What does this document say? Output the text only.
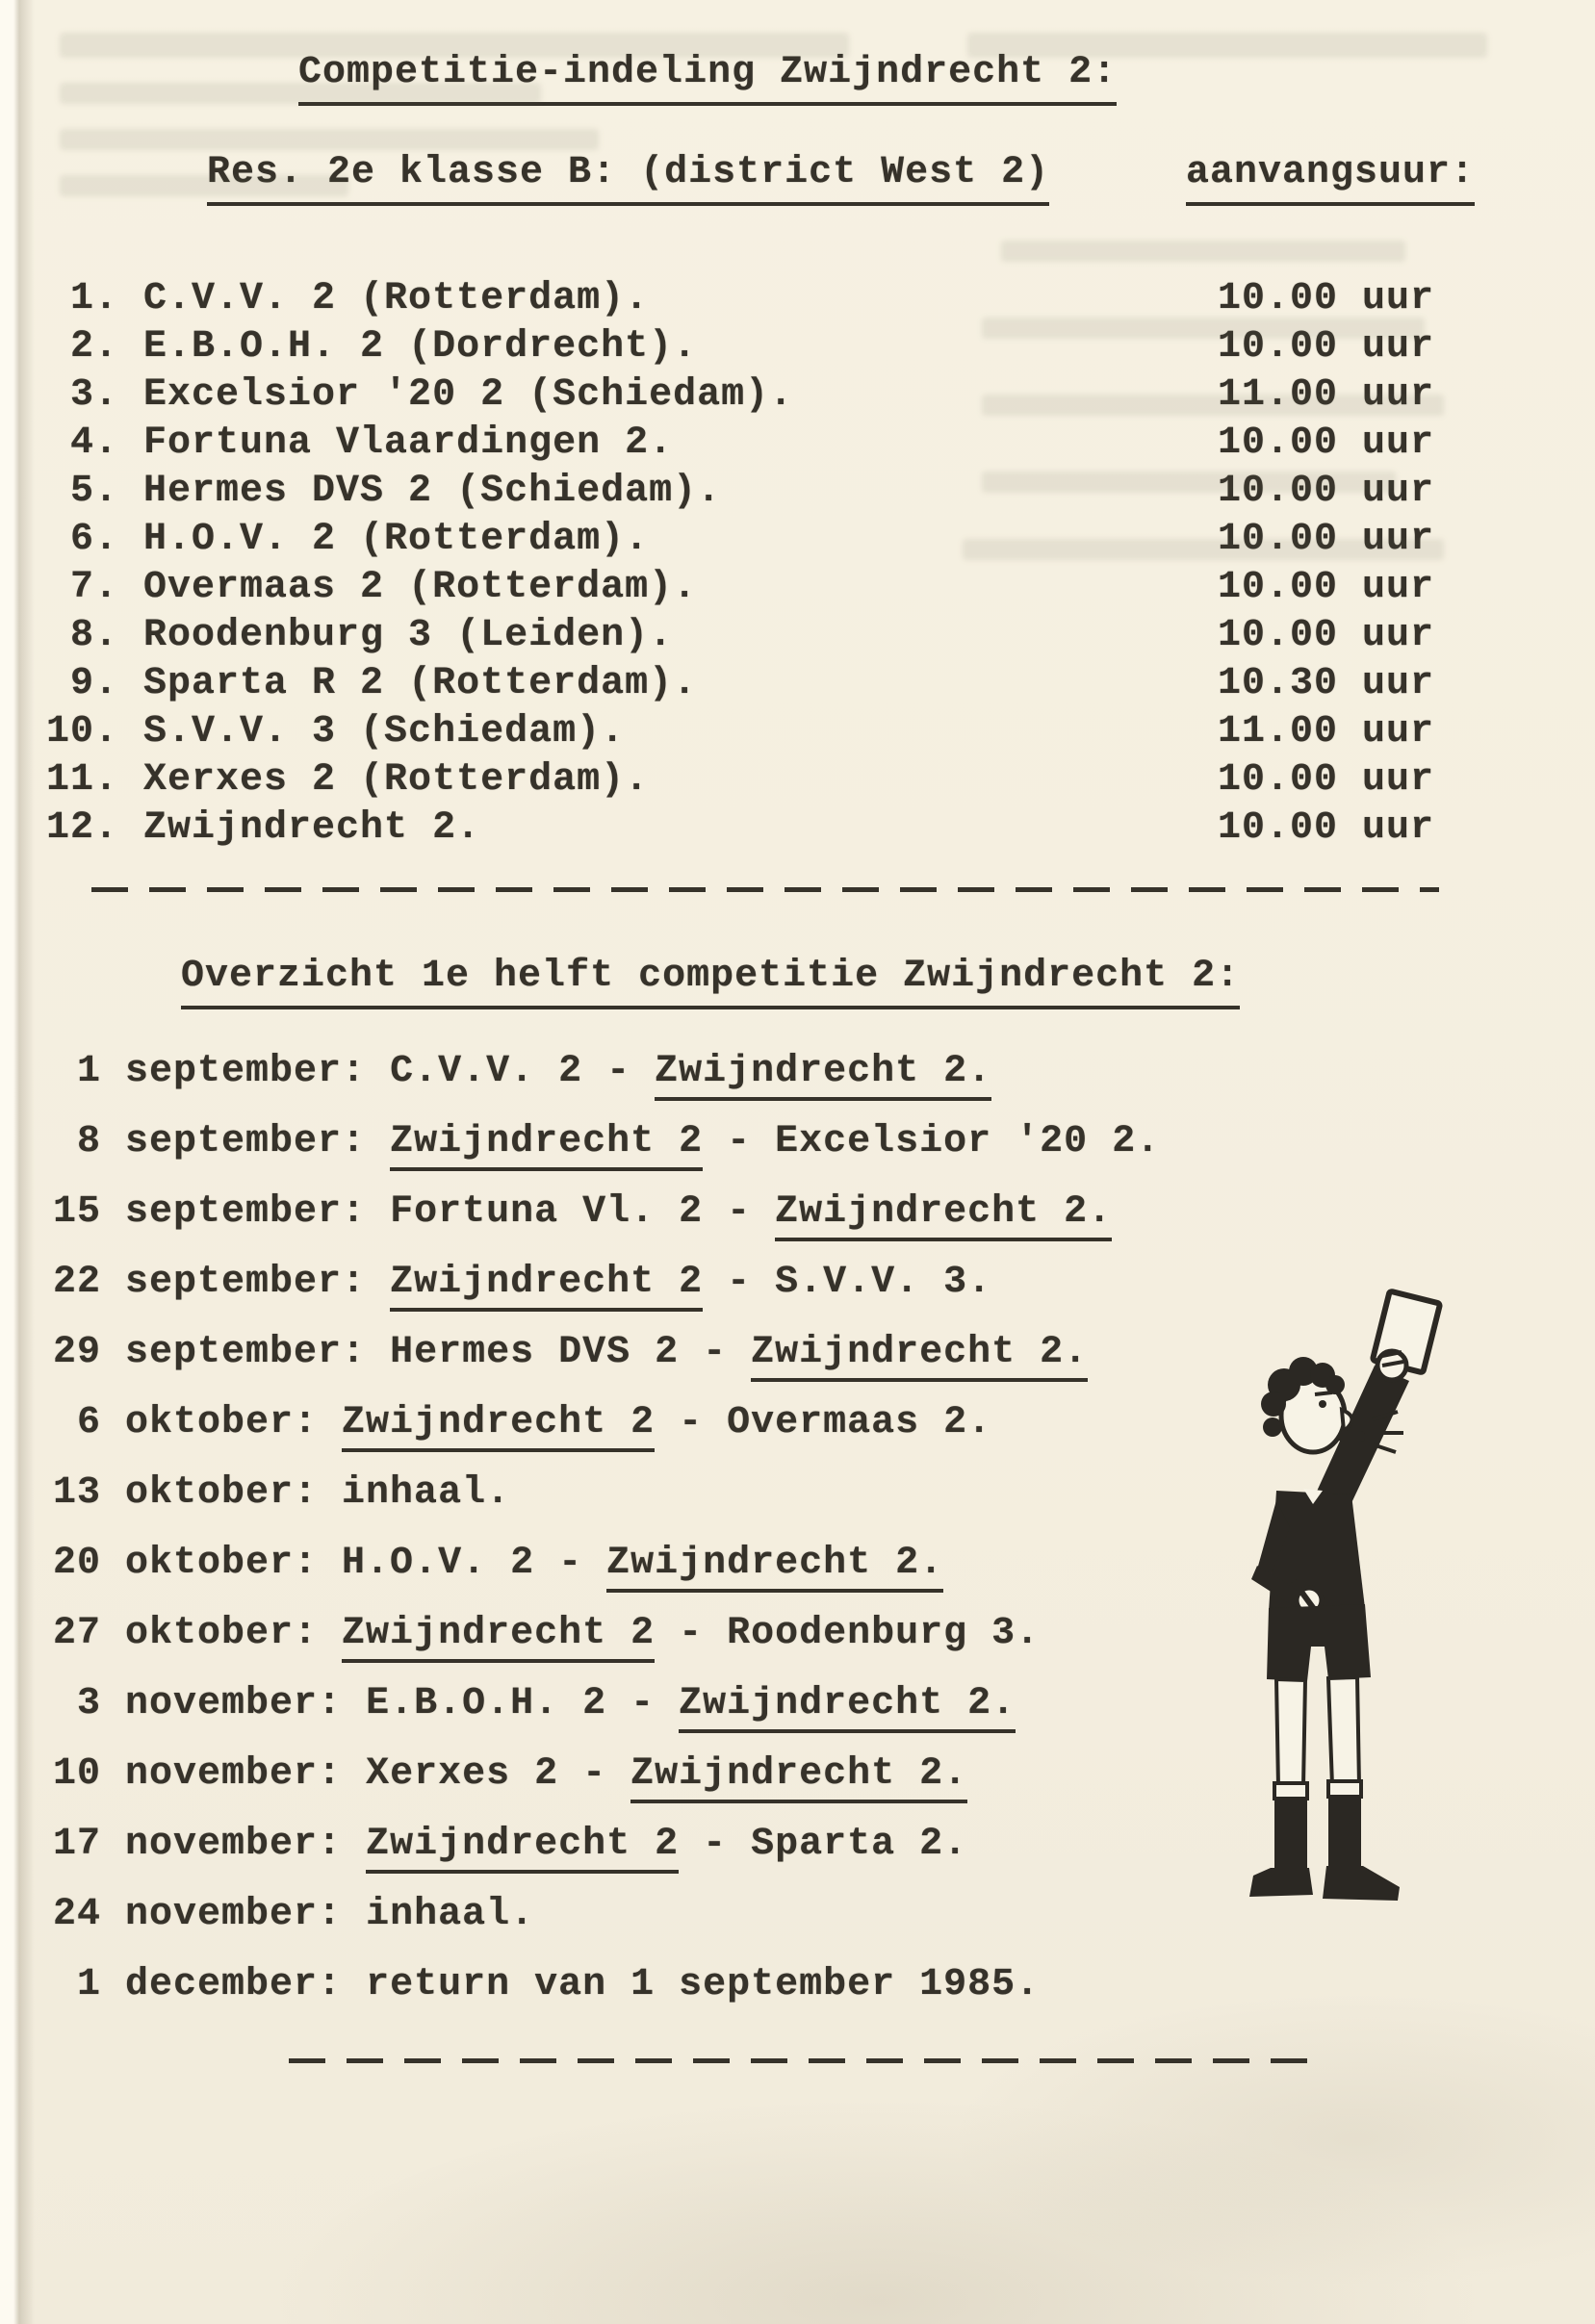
Competitie-indeling Zwijndrecht 2:
Res. 2e klasse B: (district West 2)	aanvangsuur:
1. C.V.V. 2 (Rotterdam).	10.00 uur
2. E.B.O.H. 2 (Dordrecht).	10.00 uur
3. Excelsior '20 2 (Schiedam).	11.00 uur
4. Fortuna Vlaardingen 2.	10.00 uur
5. Hermes DVS 2 (Schiedam).	10.00 uur
6. H.O.V. 2 (Rotterdam).	10.00 uur
7. Overmaas 2 (Rotterdam).	10.00 uur
8. Roodenburg 3 (Leiden).	10.00 uur
9. Sparta R 2 (Rotterdam).	10.30 uur
10. S.V.V. 3 (Schiedam).	11.00 uur
11. Xerxes 2 (Rotterdam).	10.00 uur
12. Zwijndrecht 2.	10.00 uur
Overzicht 1e helft competitie Zwijndrecht 2:
1 september: C.V.V. 2 - Zwijndrecht 2.
8 september: Zwijndrecht 2 - Excelsior '20 2.
15 september: Fortuna Vl. 2 - Zwijndrecht 2.
22 september: Zwijndrecht 2 - S.V.V. 3.
29 september: Hermes DVS 2 - Zwijndrecht 2.
6 oktober: Zwijndrecht 2 - Overmaas 2.
13 oktober: inhaal.
20 oktober: H.O.V. 2 - Zwijndrecht 2.
27 oktober: Zwijndrecht 2 - Roodenburg 3.
3 november: E.B.O.H. 2 - Zwijndrecht 2.
10 november: Xerxes 2 - Zwijndrecht 2.
17 november: Zwijndrecht 2 - Sparta 2.
24 november: inhaal.
1 december: return van 1 september 1985.
